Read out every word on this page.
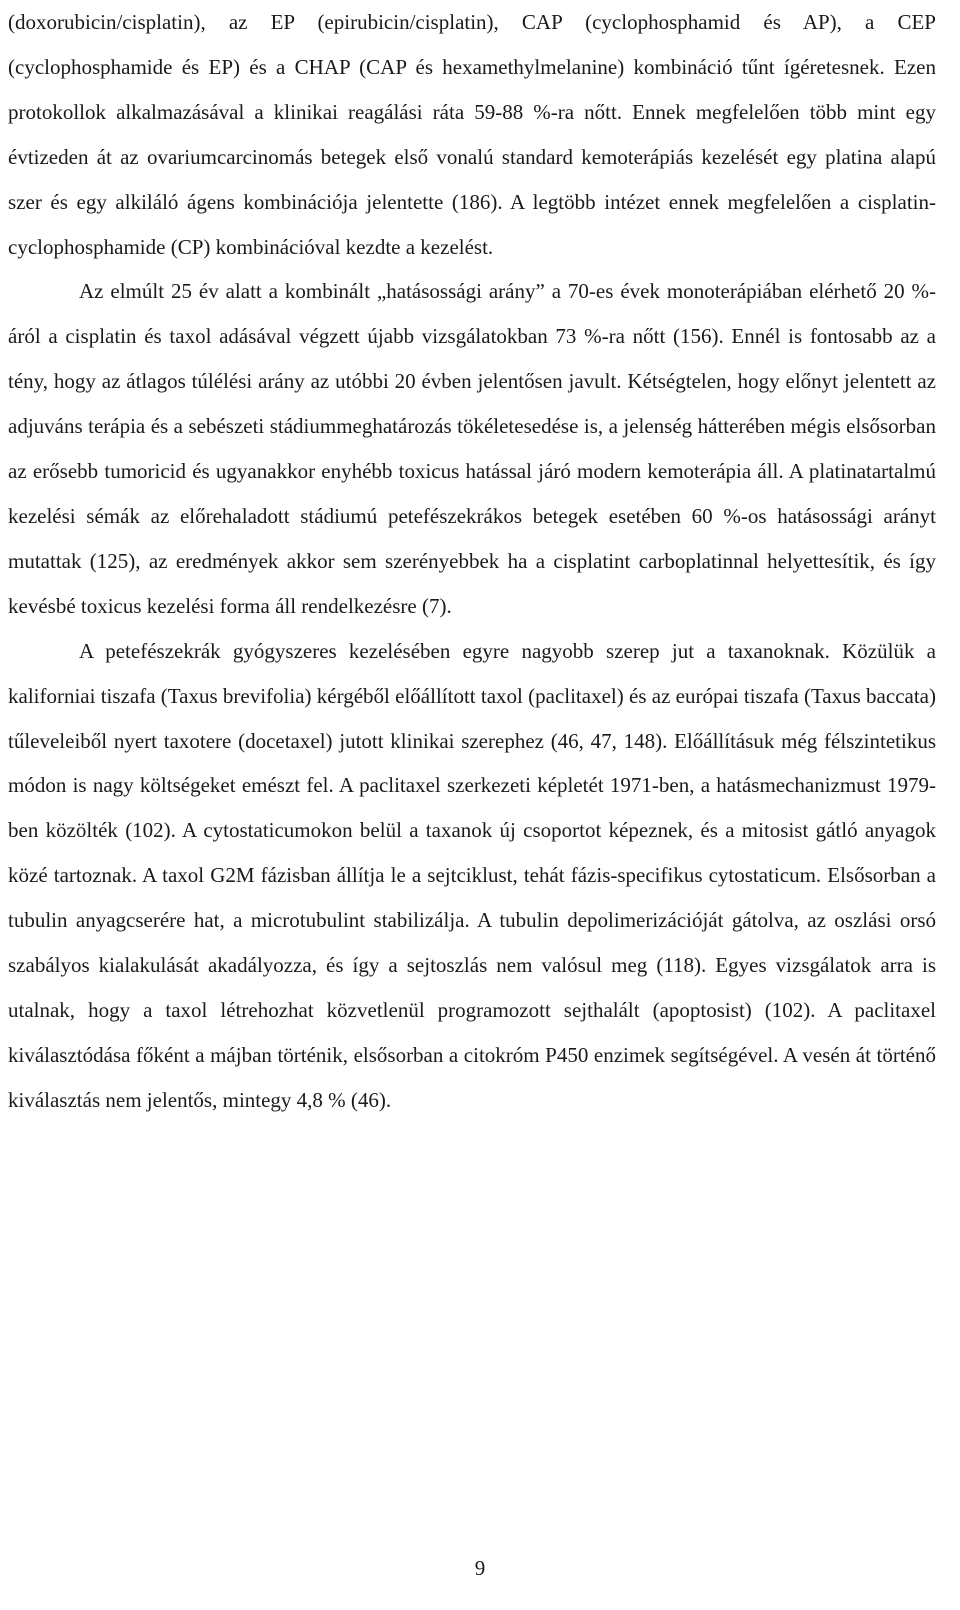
(doxorubicin/cisplatin), az EP (epirubicin/cisplatin), CAP (cyclophosphamid és AP), a CEP (cyclophosphamide és EP) és a CHAP (CAP és hexamethylmelanine) kombináció tűnt ígéretesnek. Ezen protokollok alkalmazásával a klinikai reagálási ráta 59-88 %-ra nőtt. Ennek megfelelően több mint egy évtizeden át az ovariumcarcinomás betegek első vonalú standard kemoterápiás kezelését egy platina alapú szer és egy alkiláló ágens kombinációja jelentette (186). A legtöbb intézet ennek megfelelően a cisplatin-cyclophosphamide (CP) kombinációval kezdte a kezelést.

Az elmúlt 25 év alatt a kombinált „hatásossági arány” a 70-es évek monoterápiában elérhető 20 %-áról a cisplatin és taxol adásával végzett újabb vizsgálatokban 73 %-ra nőtt (156). Ennél is fontosabb az a tény, hogy az átlagos túlélési arány az utóbbi 20 évben jelentősen javult. Kétségtelen, hogy előnyt jelentett az adjuváns terápia és a sebészeti stádiummeghatározás tökéletesedése is, a jelenség hátterében mégis elsősorban az erősebb tumoricid és ugyanakkor enyhébb toxicus hatással járó modern kemoterápia áll. A platinatartalmú kezelési sémák az előrehaladott stádiumú petefészekrákos betegek esetében 60 %-os hatásossági arányt mutattak (125), az eredmények akkor sem szerényebbek ha a cisplatint carboplatinnal helyettesítik, és így kevésbé toxicus kezelési forma áll rendelkezésre (7).

A petefészekrák gyógyszeres kezelésében egyre nagyobb szerep jut a taxanoknak. Közülük a kaliforniai tiszafa (Taxus brevifolia) kérgéből előállított taxol (paclitaxel) és az európai tiszafa (Taxus baccata) tűleveleiből nyert taxotere (docetaxel) jutott klinikai szerephez (46, 47, 148). Előállításuk még félszintetikus módon is nagy költségeket emészt fel. A paclitaxel szerkezeti képletét 1971-ben, a hatásmechanizmust 1979-ben közölték (102). A cytostaticumokon belül a taxanok új csoportot képeznek, és a mitosist gátló anyagok közé tartoznak. A taxol G2M fázisban állítja le a sejtciklust, tehát fázis-specifikus cytostaticum. Elsősorban a tubulin anyagcserére hat, a microtubulint stabilizálja. A tubulin depolimerizációját gátolva, az oszlási orsó szabályos kialakulását akadályozza, és így a sejtoszlás nem valósul meg (118). Egyes vizsgálatok arra is utalnak, hogy a taxol létrehozhat közvetlenül programozott sejthalált (apoptosist) (102). A paclitaxel kiválasztódása főként a májban történik, elsősorban a citokróm P450 enzimek segítségével. A vesén át történő kiválasztás nem jelentős, mintegy 4,8 % (46).

9
